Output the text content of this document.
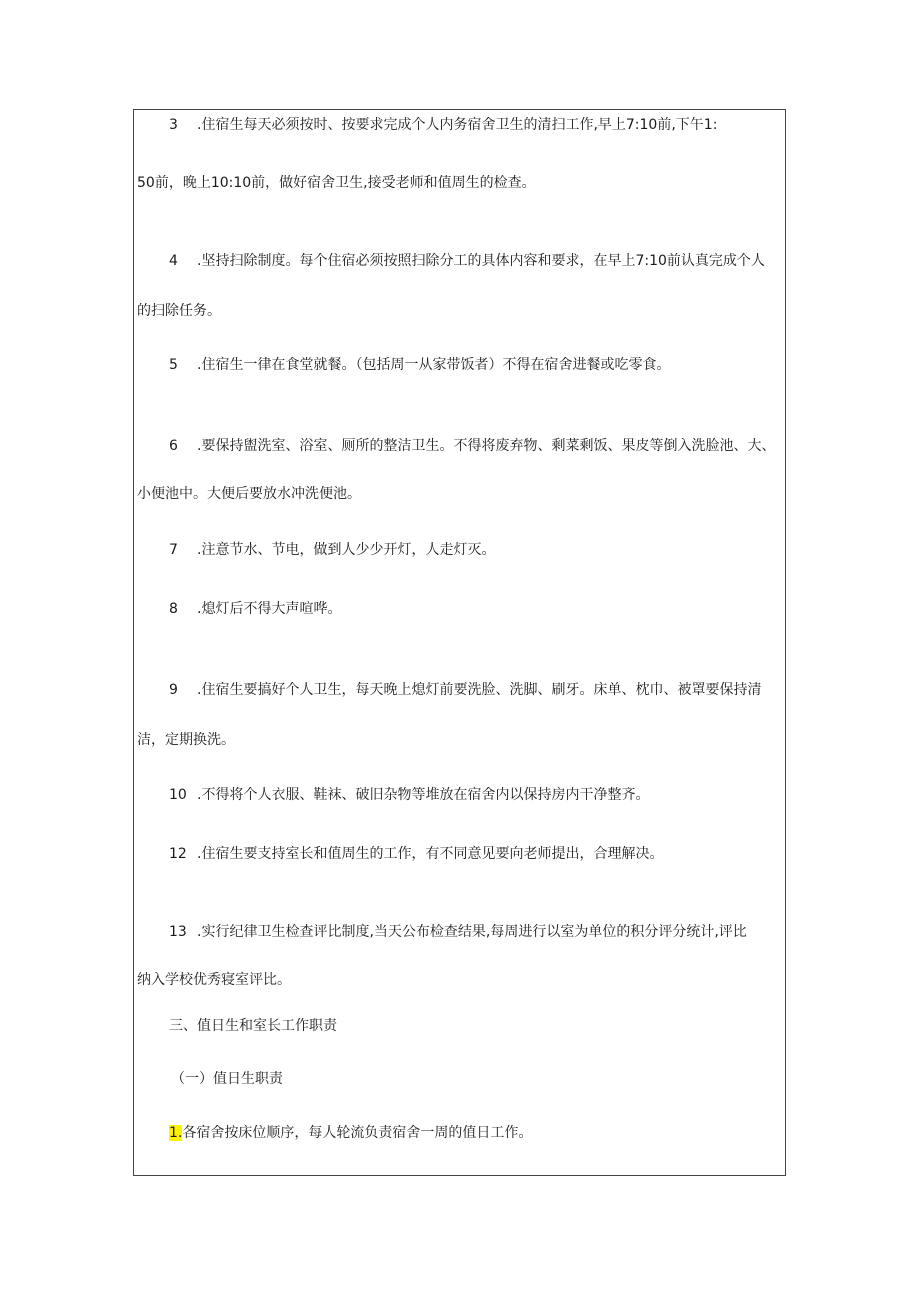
3 .住宿生每天必须按时、按要求完成个人内务宿舍卫生的清扫工作,早上7:10前,下午1:
50前，晚上10:10前，做好宿舍卫生,接受老师和值周生的检查。
4 .坚持扫除制度。每个住宿必须按照扫除分工的具体内容和要求，在早上7:10前认真完成个人
的扫除任务。
5 .住宿生一律在食堂就餐。（包括周一从家带饭者）不得在宿舍进餐或吃零食。
6 .要保持盥洗室、浴室、厕所的整洁卫生。不得将废弃物、剩菜剩饭、果皮等倒入洗脸池、大、
小便池中。大便后要放水冲洗便池。
7 .注意节水、节电，做到人少少开灯，人走灯灭。
8 .熄灯后不得大声喧哗。
9 .住宿生要搞好个人卫生，每天晚上熄灯前要洗脸、洗脚、刷牙。床单、枕巾、被罩要保持清
洁，定期换洗。
10 .不得将个人衣服、鞋袜、破旧杂物等堆放在宿舍内以保持房内干净整齐。
12 .住宿生要支持室长和值周生的工作，有不同意见要向老师提出，合理解决。
13 .实行纪律卫生检查评比制度,当天公布检查结果,每周进行以室为单位的积分评分统计,评比
纳入学校优秀寝室评比。
三、值日生和室长工作职责
（一）值日生职责
1.各宿舍按床位顺序，每人轮流负责宿舍一周的值日工作。
